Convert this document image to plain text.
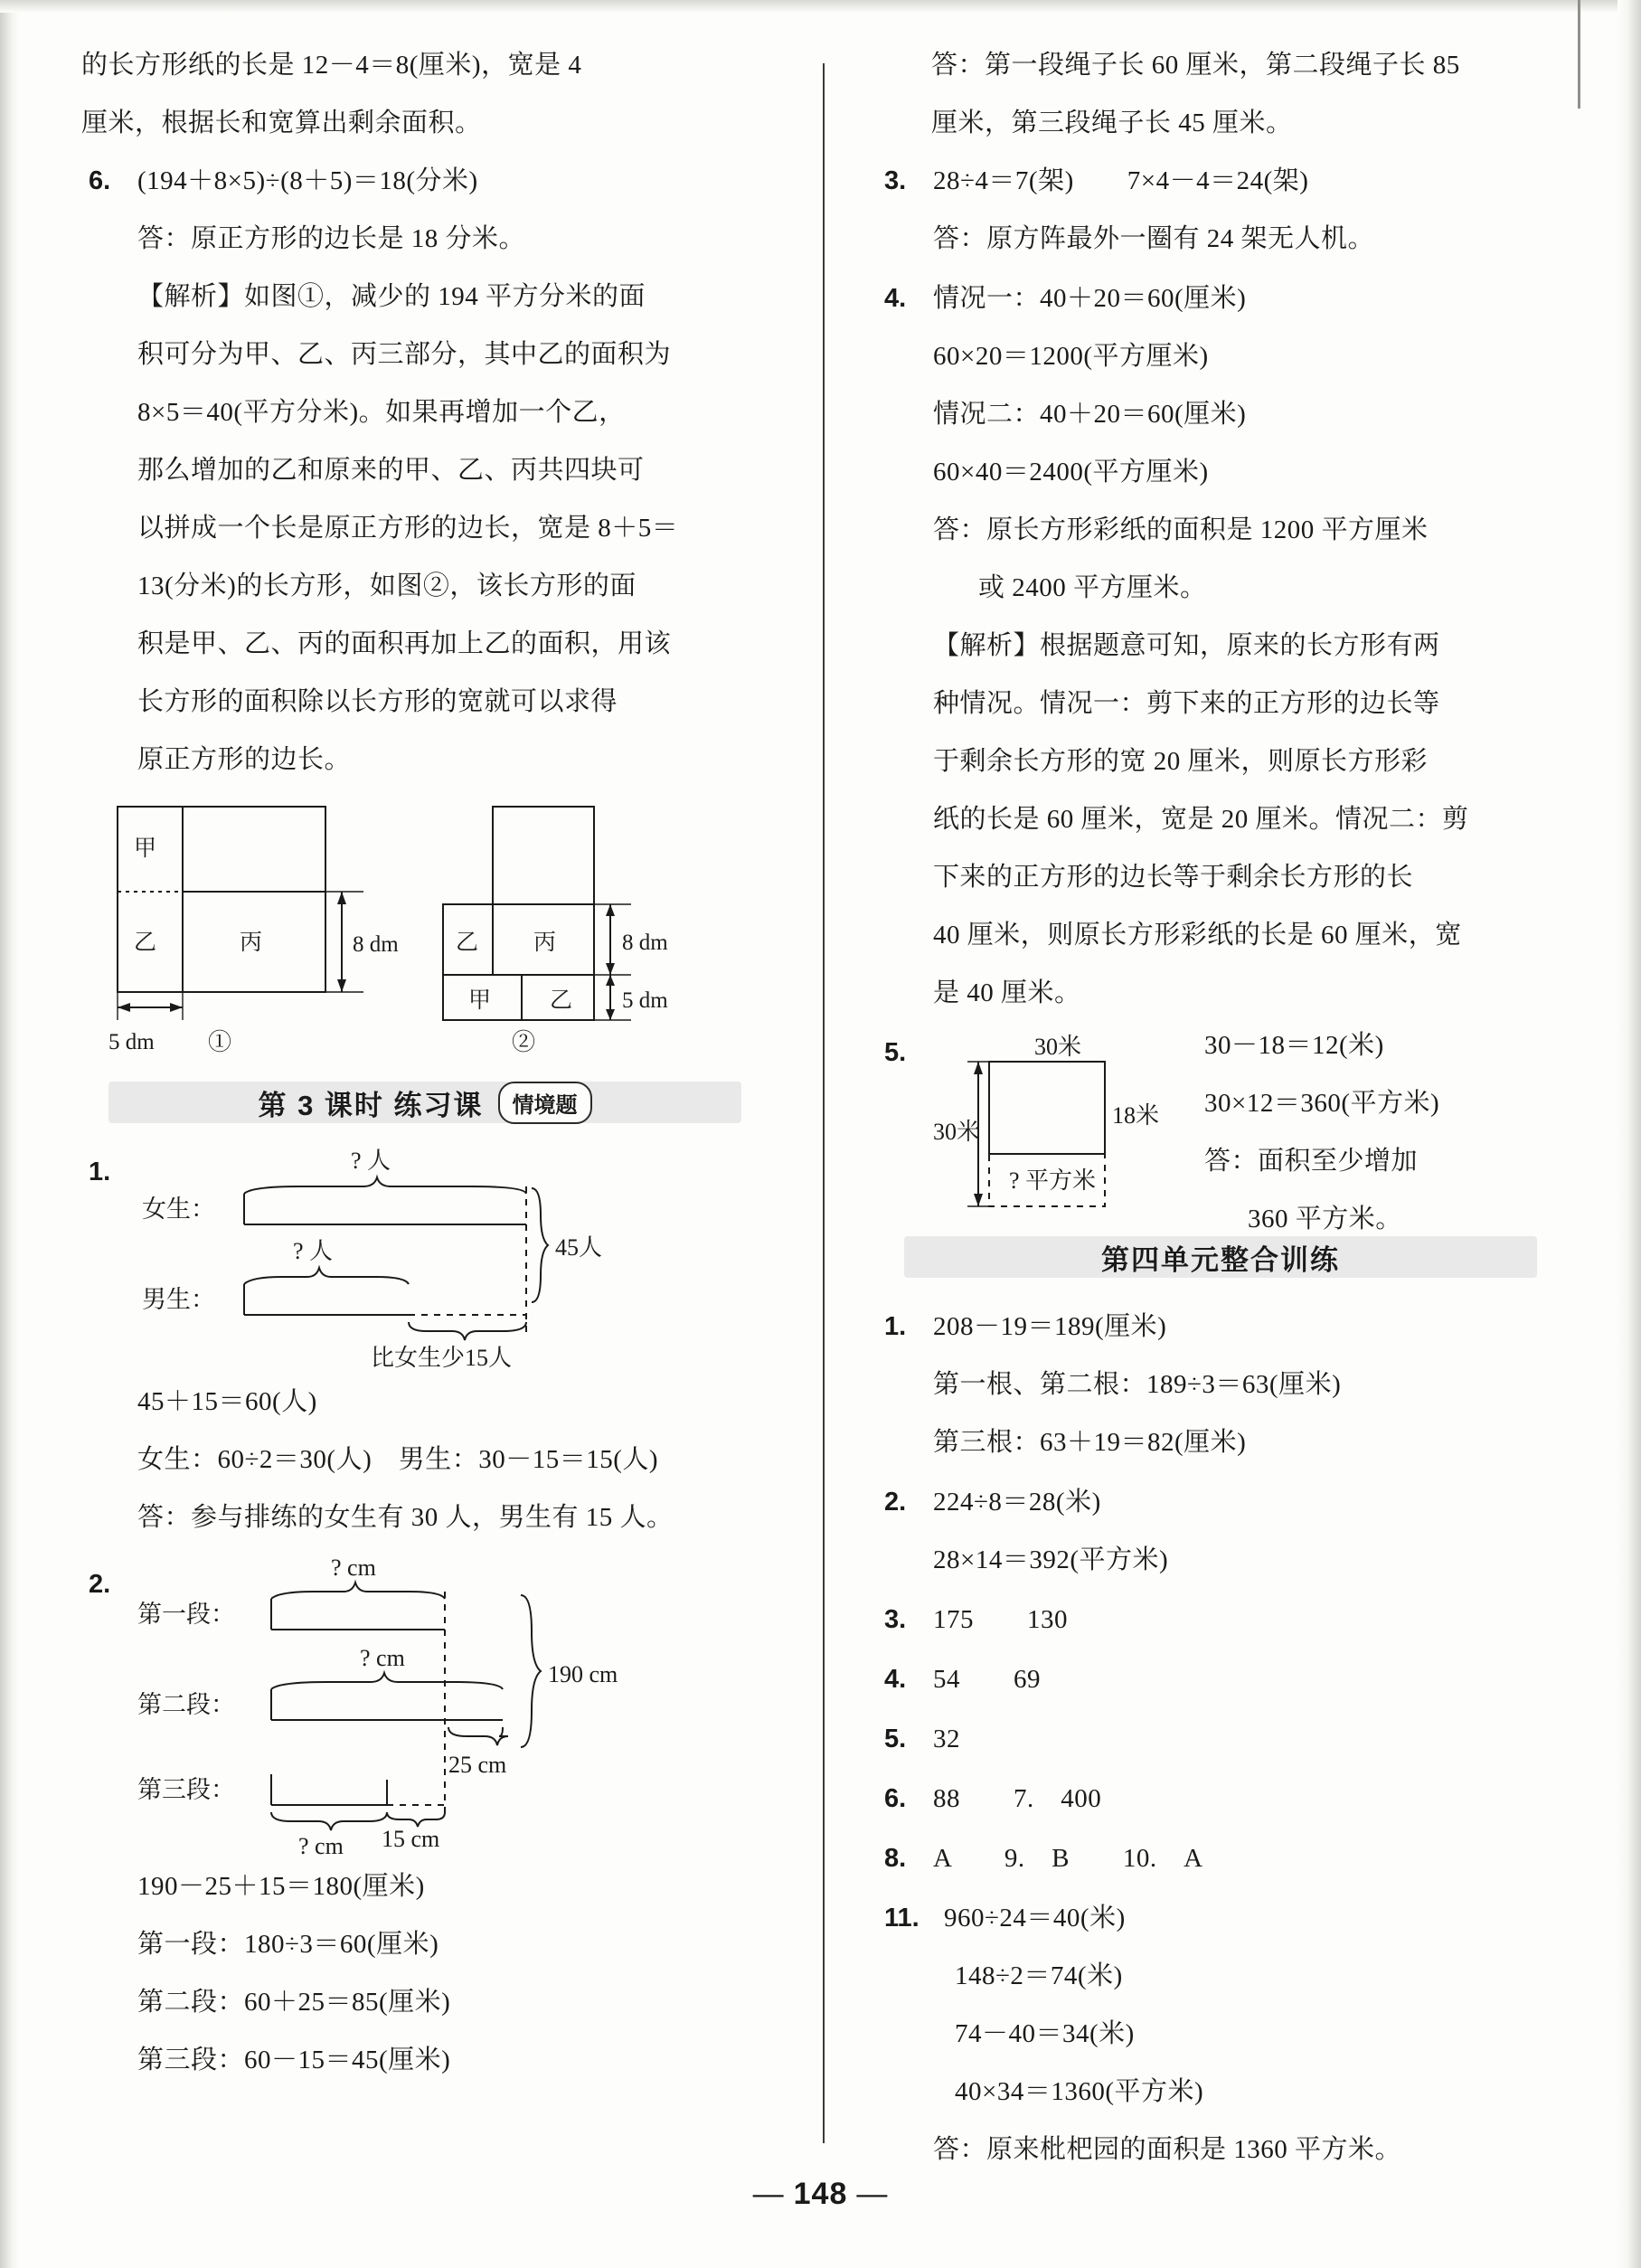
的长方形纸的长是 12－4＝8(厘米)，宽是 4
厘米，根据长和宽算出剩余面积。
6. (194＋8×5)÷(8＋5)＝18(分米)
答：原正方形的边长是 18 分米。
【解析】如图①，减少的 194 平方分米的面
积可分为甲、乙、丙三部分，其中乙的面积为
8×5＝40(平方分米)。如果再增加一个乙，
那么增加的乙和原来的甲、乙、丙共四块可
以拼成一个长是原正方形的边长，宽是 8＋5＝
13(分米)的长方形，如图②，该长方形的面
积是甲、乙、丙的面积再加上乙的面积，用该
长方形的面积除以长方形的宽就可以求得
原正方形的边长。
甲
乙	丙	8 dm
5 dm
乙 丙
甲	乙
8 dm
5 dm
①	②
第 3 课时 练习课	情境题
1.
女生：
男生：
? 人
? 人	45人
比女生少15人
45＋15＝60(人)
女生：60÷2＝30(人)　男生：30－15＝15(人)
答：参与排练的女生有 30 人，男生有 15 人。
2.
第一段：
第二段：
第三段：
? cm
? cm
? cm
25 cm
15 cm
190 cm
190－25＋15＝180(厘米)
第一段：180÷3＝60(厘米)
第二段：60＋25＝85(厘米)
第三段：60－15＝45(厘米)
答：第一段绳子长 60 厘米，第二段绳子长 85
厘米，第三段绳子长 45 厘米。
3. 28÷4＝7(架)　　7×4－4＝24(架)
答：原方阵最外一圈有 24 架无人机。
4. 情况一：40＋20＝60(厘米)
60×20＝1200(平方厘米)
情况二：40＋20＝60(厘米)
60×40＝2400(平方厘米)
答：原长方形彩纸的面积是 1200 平方厘米
或 2400 平方厘米。
【解析】根据题意可知，原来的长方形有两
种情况。情况一：剪下来的正方形的边长等
于剩余长方形的宽 20 厘米，则原长方形彩
纸的长是 60 厘米，宽是 20 厘米。情况二：剪
下来的正方形的边长等于剩余长方形的长
40 厘米，则原长方形彩纸的长是 60 厘米，宽
是 40 厘米。
5.	30米
30米
18米
? 平方米
30－18＝12(米)
30×12＝360(平方米)
答：面积至少增加
360 平方米。
第四单元整合训练
1. 208－19＝189(厘米)
第一根、第二根：189÷3＝63(厘米)
第三根：63＋19＝82(厘米)
2. 224÷8＝28(米)
28×14＝392(平方米)
3. 175　　130
4. 54　　69
5. 32
6. 88　　7.　400
8. A　　9.　B　　10.　A
11. 960÷24＝40(米)
148÷2＝74(米)
74－40＝34(米)
40×34＝1360(平方米)
答：原来枇杷园的面积是 1360 平方米。
— 148 —
